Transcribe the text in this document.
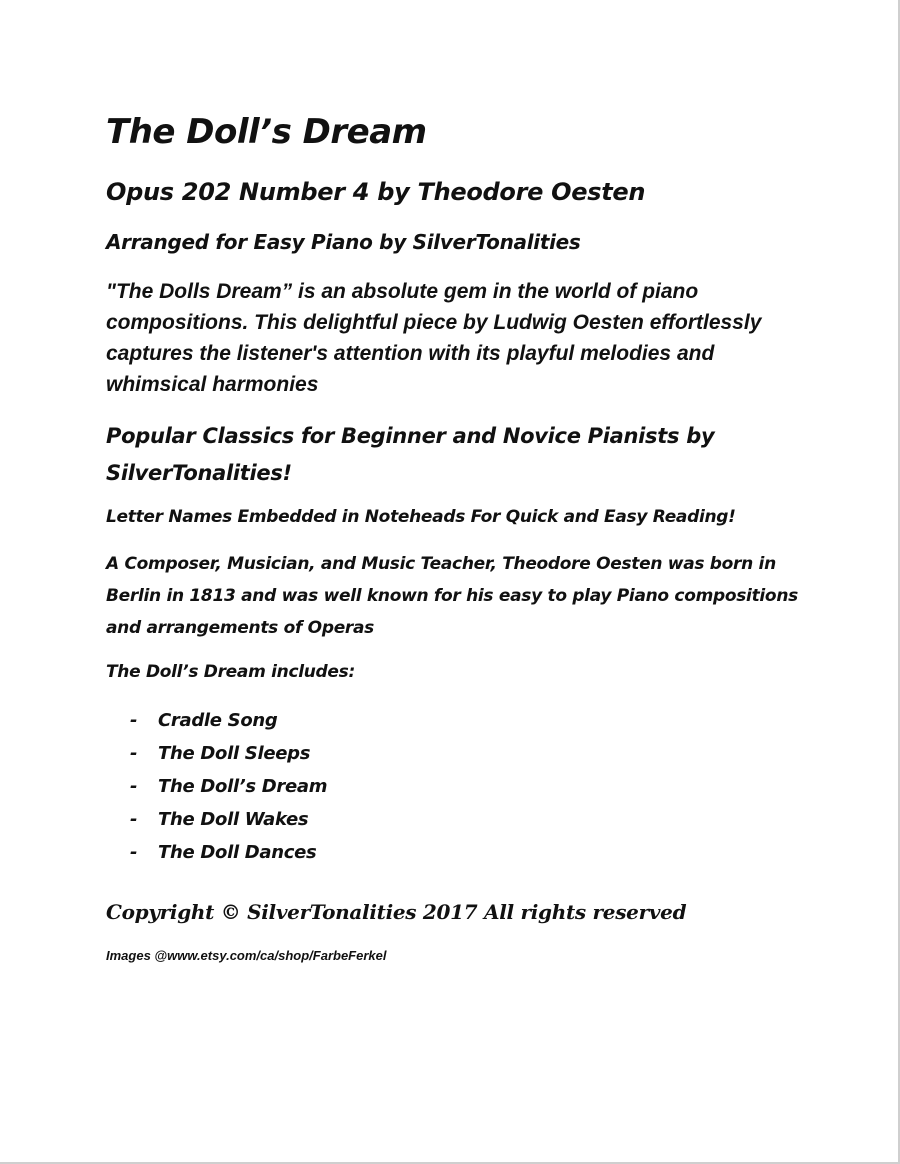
The Doll’s Dream
Opus 202 Number 4 by Theodore Oesten

Arranged for Easy Piano by SilverTonalities

"The Dolls Dream” is an absolute gem in the world of piano compositions. This delightful piece by Ludwig Oesten effortlessly captures the listener's attention with its playful melodies and whimsical harmonies

Popular Classics for Beginner and Novice Pianists by SilverTonalities!

Letter Names Embedded in Noteheads For Quick and Easy Reading!

A Composer, Musician, and Music Teacher, Theodore Oesten was born in Berlin in 1813 and was well known for his easy to play Piano compositions and arrangements of Operas

The Doll’s Dream includes:

- Cradle Song
- The Doll Sleeps
- The Doll’s Dream
- The Doll Wakes
- The Doll Dances

Copyright © SilverTonalities 2017 All rights reserved

Images @www.etsy.com/ca/shop/FarbeFerkel
